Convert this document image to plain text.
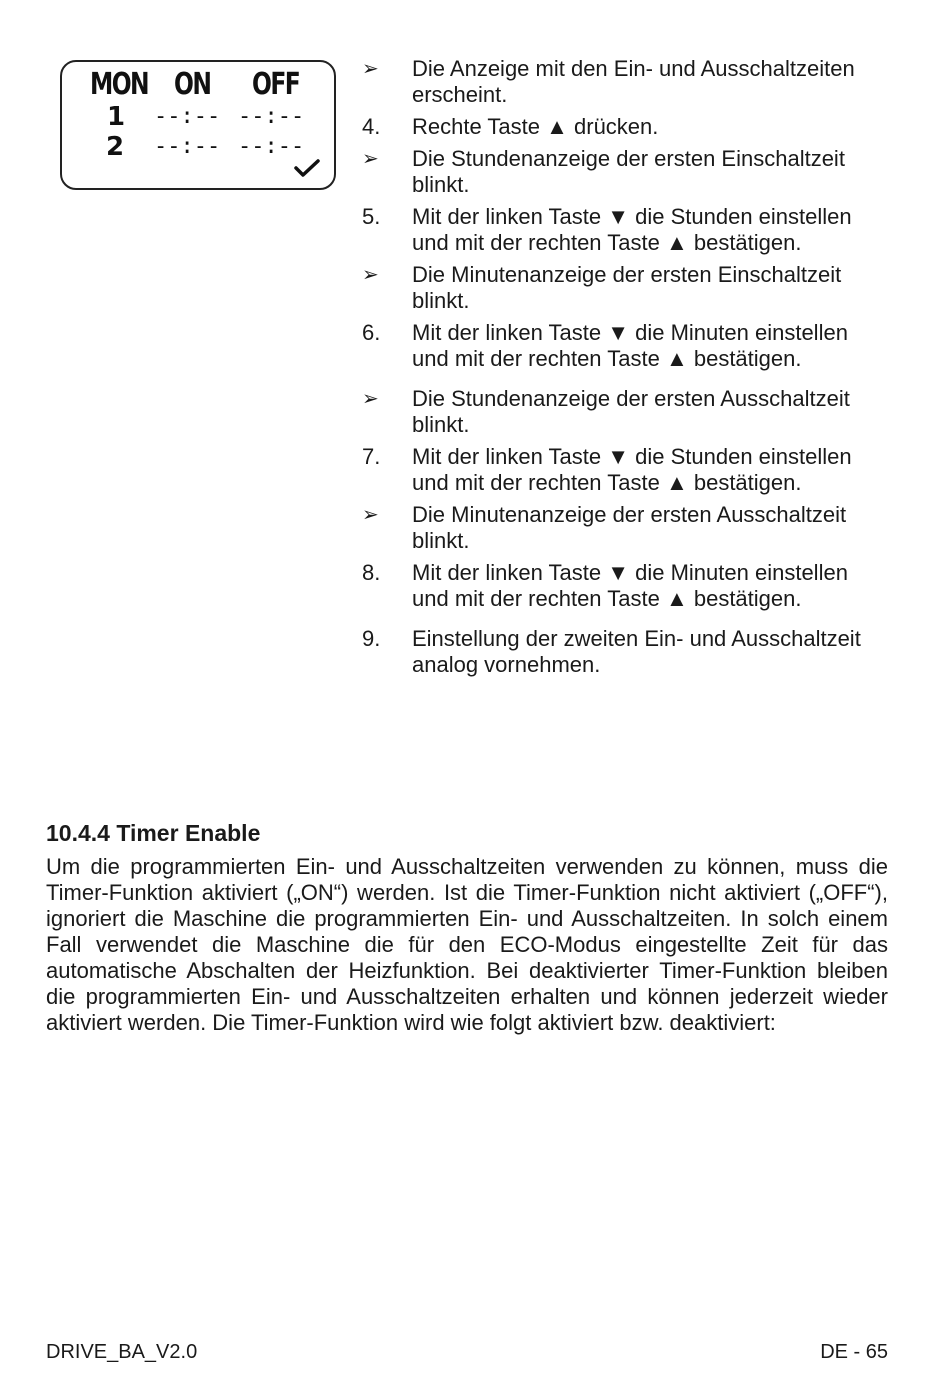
MON ON OFF
1 --:-- --:--
2 --:-- --:--
➢	Die Anzeige mit den Ein- und Ausschaltzeiten erscheint.
4.	Rechte Taste ▲ drücken.
➢	Die Stundenanzeige der ersten Einschaltzeit blinkt.
5.	Mit der linken Taste ▼ die Stunden einstellen und mit der rechten Taste ▲ bestätigen.
➢	Die Minutenanzeige der ersten Einschaltzeit blinkt.
6.	Mit der linken Taste ▼ die Minuten einstellen und mit der rechten Taste ▲ bestätigen.
➢	Die Stundenanzeige der ersten Ausschaltzeit blinkt.
7.	Mit der linken Taste ▼ die Stunden einstellen und mit der rechten Taste ▲ bestätigen.
➢	Die Minutenanzeige der ersten Ausschaltzeit blinkt.
8.	Mit der linken Taste ▼ die Minuten einstellen und mit der rechten Taste ▲ bestätigen.
9.	Einstellung der zweiten Ein- und Ausschaltzeit analog vornehmen.
10.4.4 Timer Enable

Um die programmierten Ein- und Ausschaltzeiten verwenden zu können, muss die Timer-Funktion aktiviert („ON“) werden. Ist die Timer-Funktion nicht aktiviert („OFF“), ignoriert die Maschine die programmierten Ein- und Ausschaltzeiten. In solch einem Fall verwendet die Maschine die für den ECO-Modus eingestellte Zeit für das automatische Abschalten der Heizfunktion. Bei deaktivierter Timer-Funktion bleiben die programmierten Ein- und Ausschaltzeiten erhalten und können jederzeit wieder aktiviert werden. Die Timer-Funktion wird wie folgt aktiviert bzw. deaktiviert:

DRIVE_BA_V2.0	DE - 65
